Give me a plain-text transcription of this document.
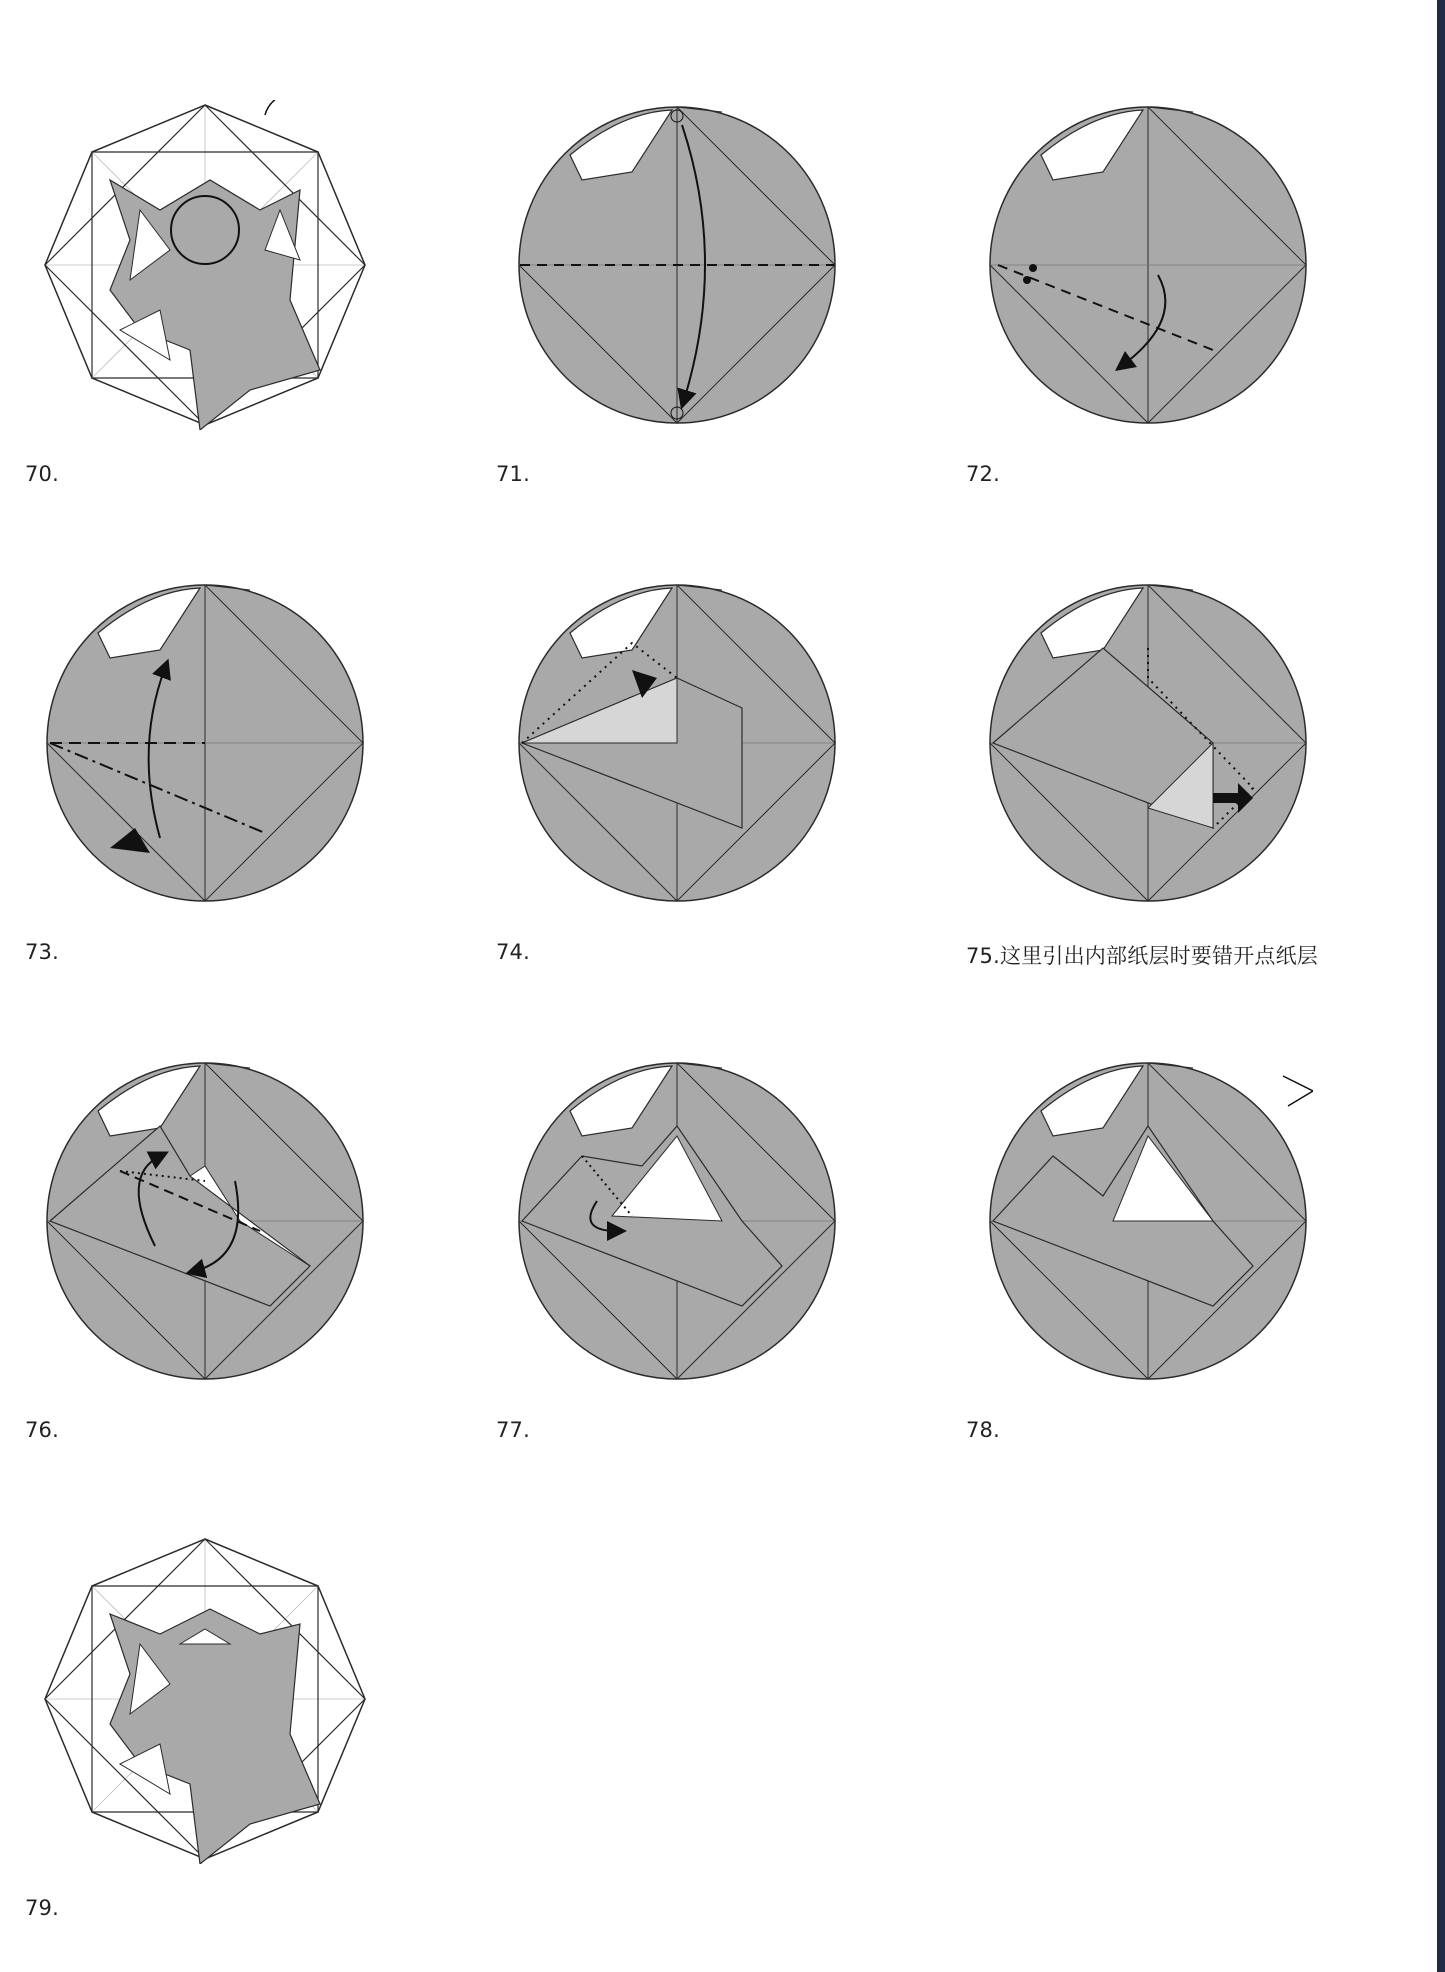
70.	71.	72.
73.	74.	75.这里引出内部纸层时要错开点纸层
76.	77.	78.
79.
